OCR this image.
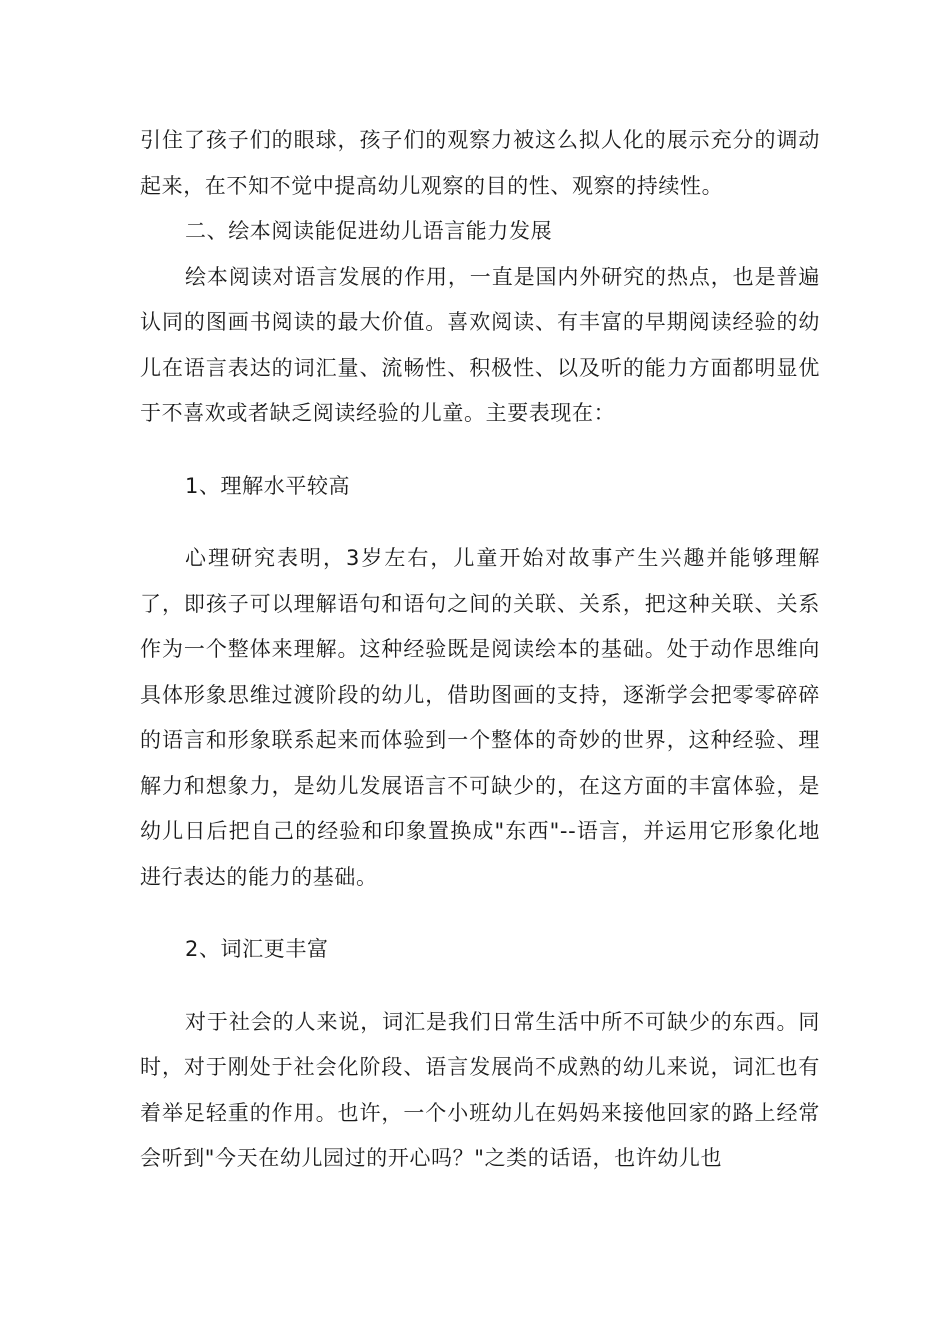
引住了孩子们的眼球，孩子们的观察力被这么拟人化的展示充分的调动起来，在不知不觉中提高幼儿观察的目的性、观察的持续性。

二、绘本阅读能促进幼儿语言能力发展

绘本阅读对语言发展的作用，一直是国内外研究的热点，也是普遍认同的图画书阅读的最大价值。喜欢阅读、有丰富的早期阅读经验的幼儿在语言表达的词汇量、流畅性、积极性、以及听的能力方面都明显优于不喜欢或者缺乏阅读经验的儿童。主要表现在：

1、理解水平较高

心理研究表明，3岁左右，儿童开始对故事产生兴趣并能够理解了，即孩子可以理解语句和语句之间的关联、关系，把这种关联、关系作为一个整体来理解。这种经验既是阅读绘本的基础。处于动作思维向具体形象思维过渡阶段的幼儿，借助图画的支持，逐渐学会把零零碎碎的语言和形象联系起来而体验到一个整体的奇妙的世界，这种经验、理解力和想象力，是幼儿发展语言不可缺少的，在这方面的丰富体验，是幼儿日后把自己的经验和印象置换成"东西"--语言，并运用它形象化地进行表达的能力的基础。

2、词汇更丰富

对于社会的人来说，词汇是我们日常生活中所不可缺少的东西。同时，对于刚处于社会化阶段、语言发展尚不成熟的幼儿来说，词汇也有着举足轻重的作用。也许，一个小班幼儿在妈妈来接他回家的路上经常会听到"今天在幼儿园过的开心吗？"之类的话语，也许幼儿也
